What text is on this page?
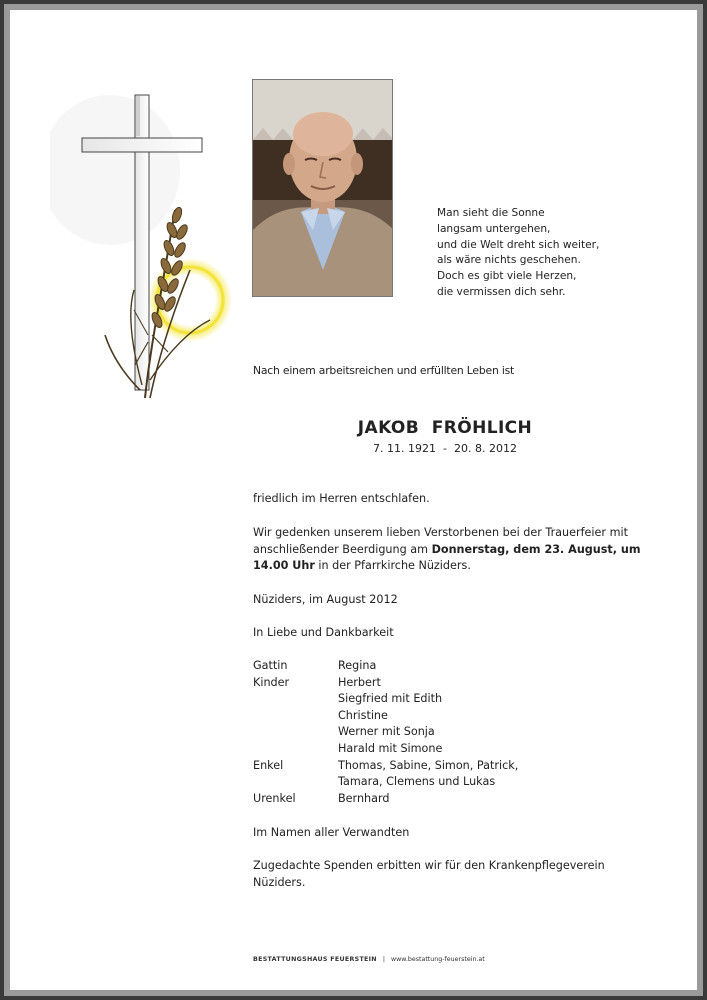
Man sieht die Sonne
langsam untergehen,
und die Welt dreht sich weiter,
als wäre nichts geschehen.
Doch es gibt viele Herzen,
die vermissen dich sehr.
Nach einem arbeitsreichen und erfüllten Leben ist
JAKOB  FRÖHLICH
7. 11. 1921  -  20. 8. 2012
friedlich im Herren entschlafen.
Wir gedenken unserem lieben Verstorbenen bei der Trauerfeier mit
anschließender Beerdigung am Donnerstag, dem 23. August, um
14.00 Uhr in der Pfarrkirche Nüziders.
Nüziders, im August 2012
In Liebe und Dankbarkeit
Gattin	Regina
Kinder	Herbert
Siegfried mit Edith
Christine
Werner mit Sonja
Harald mit Simone
Enkel	Thomas, Sabine, Simon, Patrick,
Tamara, Clemens und Lukas
Urenkel	Bernhard
Im Namen aller Verwandten
Zugedachte Spenden erbitten wir für den Krankenpflegeverein
Nüziders.
BESTATTUNGSHAUS FEUERSTEIN | www.bestattung-feuerstein.at
